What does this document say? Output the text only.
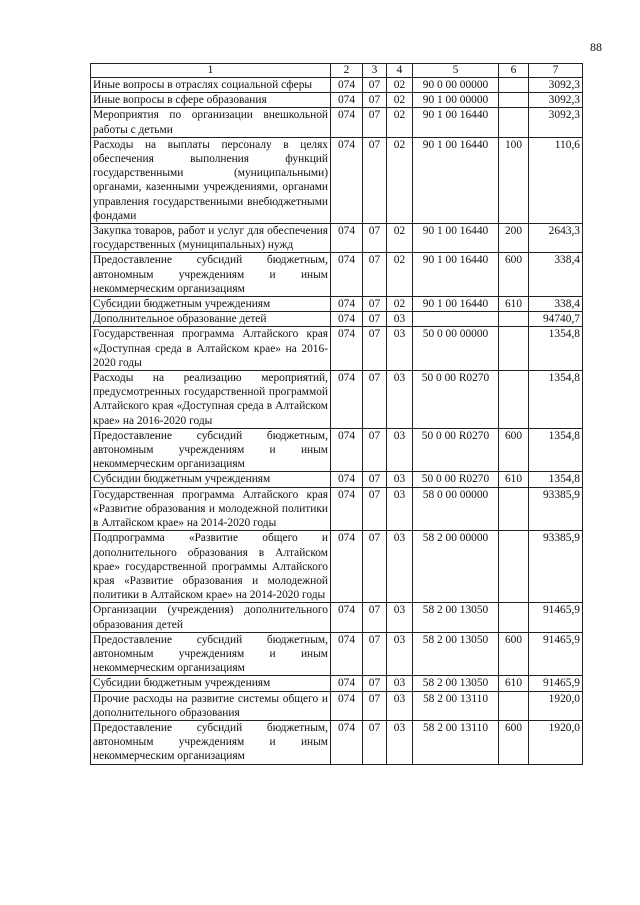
88
1	2	3	4	5	6	7
Иные вопросы в отраслях социальной сферы	074	07	02	90 0 00 00000		3092,3
Иные вопросы в сфере образования	074	07	02	90 1 00 00000		3092,3
Мероприятия по организации внешкольной работы с детьми	074	07	02	90 1 00 16440		3092,3
Расходы на выплаты персоналу в целях обеспечения выполнения функций государственными (муниципальными) органами, казенными учреждениями, органами управления государственными внебюджетными фондами	074	07	02	90 1 00 16440	100	110,6
Закупка товаров, работ и услуг для обеспечения государственных (муниципальных) нужд	074	07	02	90 1 00 16440	200	2643,3
Предоставление субсидий бюджетным, автономным учреждениям и иным некоммерческим организациям	074	07	02	90 1 00 16440	600	338,4
Субсидии бюджетным учреждениям	074	07	02	90 1 00 16440	610	338,4
Дополнительное образование детей	074	07	03			94740,7
Государственная программа Алтайского края «Доступная среда в Алтайском крае» на 2016-2020 годы	074	07	03	50 0 00 00000		1354,8
Расходы на реализацию мероприятий, предусмотренных государственной программой Алтайского края «Доступная среда в Алтайском крае» на 2016-2020 годы	074	07	03	50 0 00 R0270		1354,8
Предоставление субсидий бюджетным, автономным учреждениям и иным некоммерческим организациям	074	07	03	50 0 00 R0270	600	1354,8
Субсидии бюджетным учреждениям	074	07	03	50 0 00 R0270	610	1354,8
Государственная программа Алтайского края «Развитие образования и молодежной политики в Алтайском крае» на 2014-2020 годы	074	07	03	58 0 00 00000		93385,9
Подпрограмма «Развитие общего и дополнительного образования в Алтайском крае» государственной программы Алтайского края «Развитие образования и молодежной политики в Алтайском крае» на 2014-2020 годы	074	07	03	58 2 00 00000		93385,9
Организации (учреждения) дополнительного образования детей	074	07	03	58 2 00 13050		91465,9
Предоставление субсидий бюджетным, автономным учреждениям и иным некоммерческим организациям	074	07	03	58 2 00 13050	600	91465,9
Субсидии бюджетным учреждениям	074	07	03	58 2 00 13050	610	91465,9
Прочие расходы на развитие системы общего и дополнительного образования	074	07	03	58 2 00 13110		1920,0
Предоставление субсидий бюджетным, автономным учреждениям и иным некоммерческим организациям	074	07	03	58 2 00 13110	600	1920,0
